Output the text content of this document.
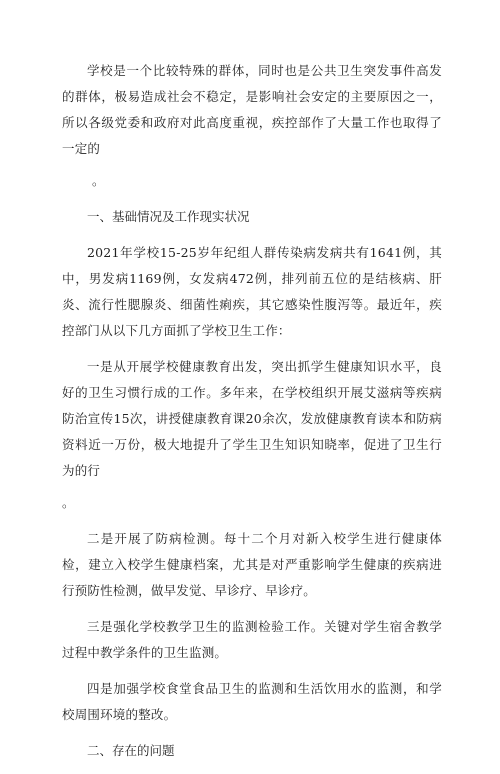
学校是一个比较特殊的群体，同时也是公共卫生突发事件高发的群体，极易造成社会不稳定，是影响社会安定的主要原因之一，所以各级党委和政府对此高度重视，疾控部作了大量工作也取得了一定的

。

一、基础情况及工作现实状况

2021年学校15-25岁年纪组人群传染病发病共有1641例，其中，男发病1169例，女发病472例，排列前五位的是结核病、肝炎、流行性腮腺炎、细菌性痢疾，其它感染性腹泻等。最近年，疾控部门从以下几方面抓了学校卫生工作：

一是从开展学校健康教育出发，突出抓学生健康知识水平，良好的卫生习惯行成的工作。多年来，在学校组织开展艾滋病等疾病防治宣传15次，讲授健康教育课20余次，发放健康教育读本和防病资料近一万份，极大地提升了学生卫生知识知晓率，促进了卫生行为的行

。

二是开展了防病检测。每十二个月对新入校学生进行健康体检，建立入校学生健康档案，尤其是对严重影响学生健康的疾病进行预防性检测，做早发觉、早诊疗、早诊疗。

三是强化学校教学卫生的监测检验工作。关键对学生宿舍教学过程中教学条件的卫生监测。

四是加强学校食堂食品卫生的监测和生活饮用水的监测，和学校周围环境的整改。

二、存在的问题
